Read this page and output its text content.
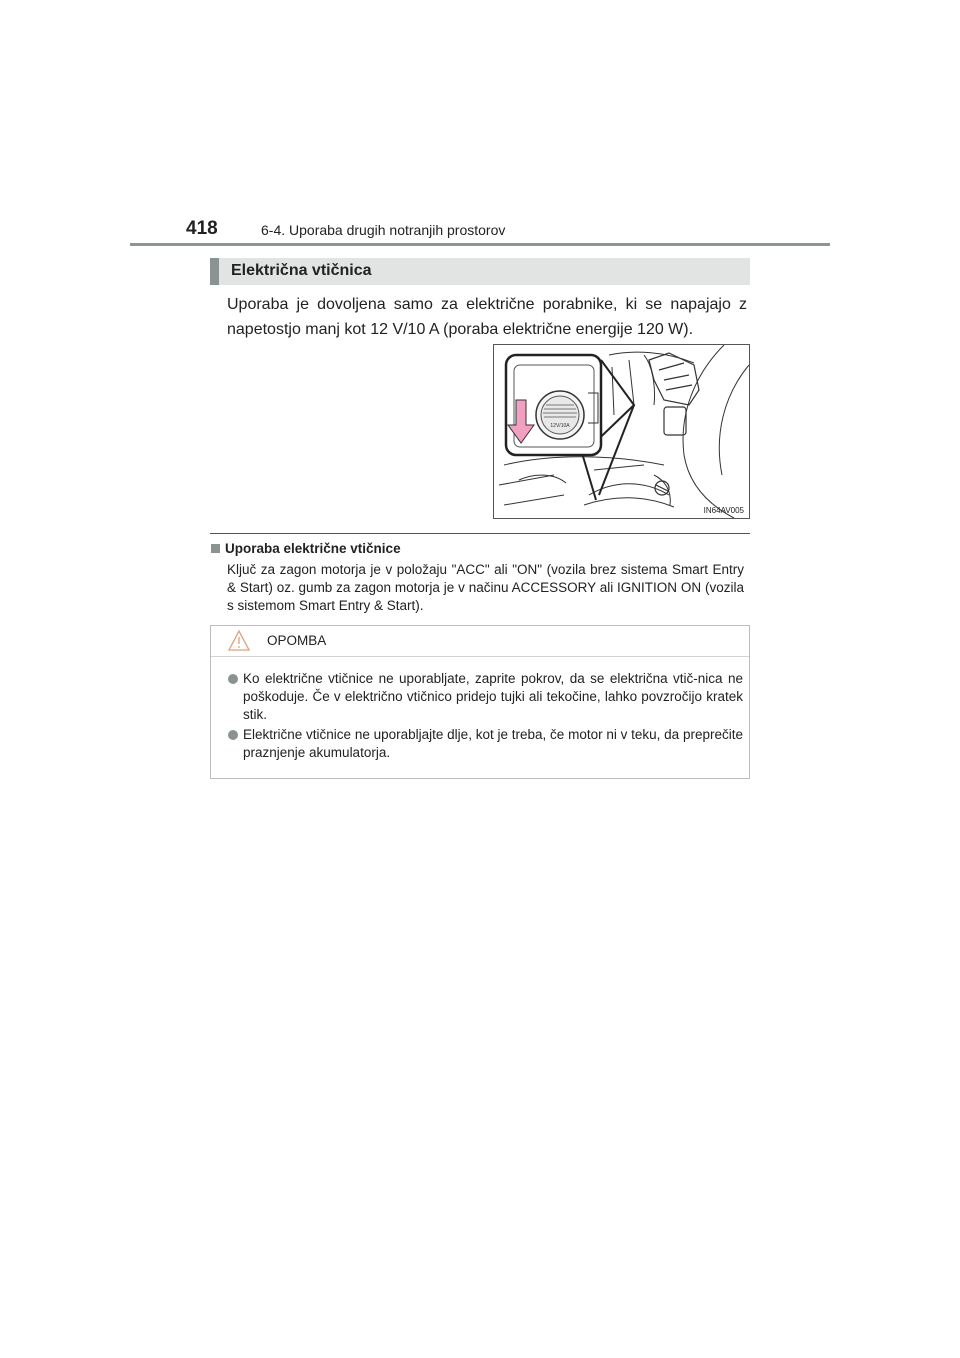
418	6-4. Uporaba drugih notranjih prostorov
Električna vtičnica
Uporaba je dovoljena samo za električne porabnike, ki se napajajo z napetostjo manj kot 12 V/10 A (poraba električne energije 120 W).
12V/10A
IN64AV005
Uporaba električne vtičnice
Ključ za zagon motorja je v položaju "ACC" ali "ON" (vozila brez sistema Smart Entry & Start) oz. gumb za zagon motorja je v načinu ACCESSORY ali IGNITION ON (vozila s sistemom Smart Entry & Start).
OPOMBA
Ko električne vtičnice ne uporabljate, zaprite pokrov, da se električna vtič-nica ne poškoduje. Če v električno vtičnico pridejo tujki ali tekočine, lahko povzročijo kratek stik.
Električne vtičnice ne uporabljajte dlje, kot je treba, če motor ni v teku, da preprečite praznjenje akumulatorja.
